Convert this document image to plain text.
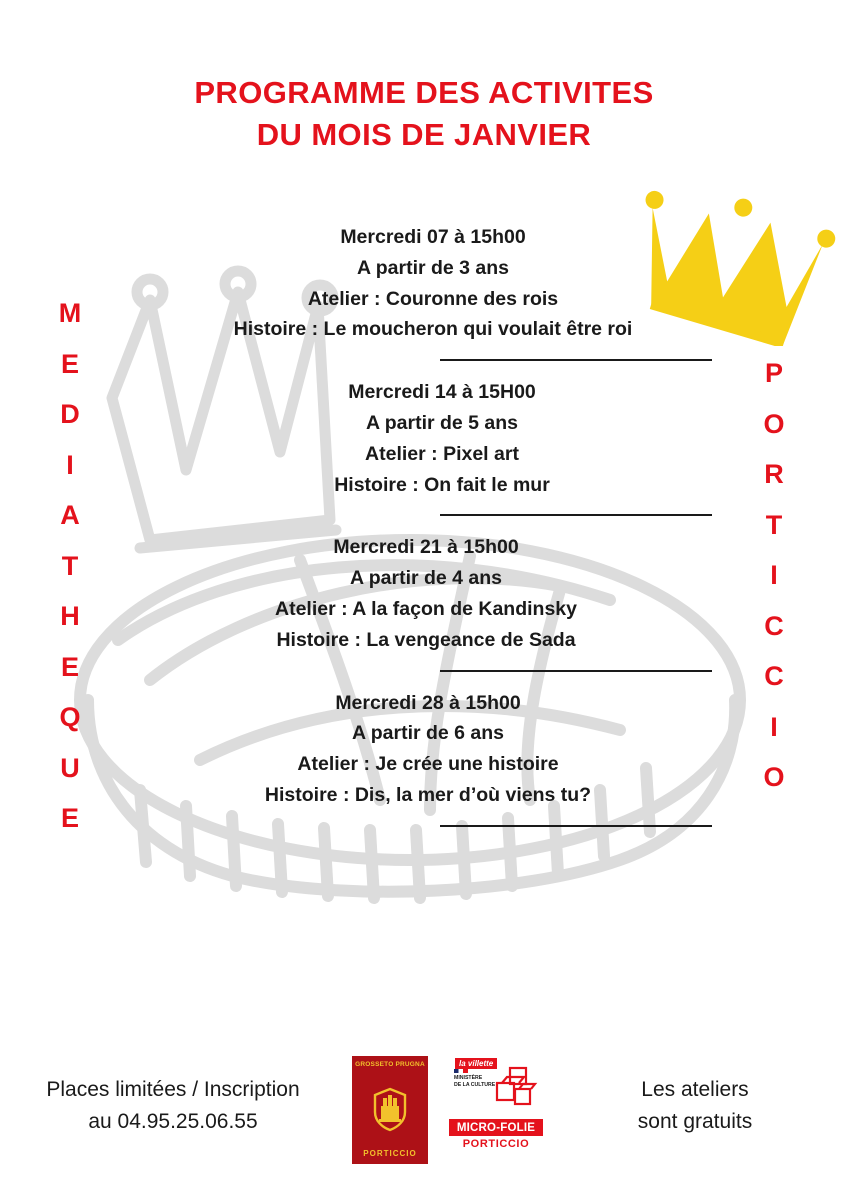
PROGRAMME DES ACTIVITES
DU MOIS DE JANVIER
M
E
D
I
A
T
H
E
Q
U
E
P
O
R
T
I
C
C
I
O
Mercredi 07 à 15h00
A partir de 3 ans
Atelier : Couronne des rois
Histoire : Le moucheron qui voulait être roi
Mercredi 14 à 15H00
A partir de 5 ans
Atelier : Pixel art
Histoire : On fait le mur
Mercredi 21 à 15h00
A partir de 4 ans
Atelier : A la façon de Kandinsky
Histoire : La vengeance de Sada
Mercredi 28 à 15h00
A partir de 6 ans
Atelier : Je crée une histoire
Histoire : Dis, la mer d’où viens tu?
Places limitées / Inscription
au 04.95.25.06.55
GROSSETO PRUGNA
PORTICCIO
la villette
MINISTÈRE
DE LA CULTURE
MICRO-FOLIE
PORTICCIO
Les ateliers
sont gratuits
